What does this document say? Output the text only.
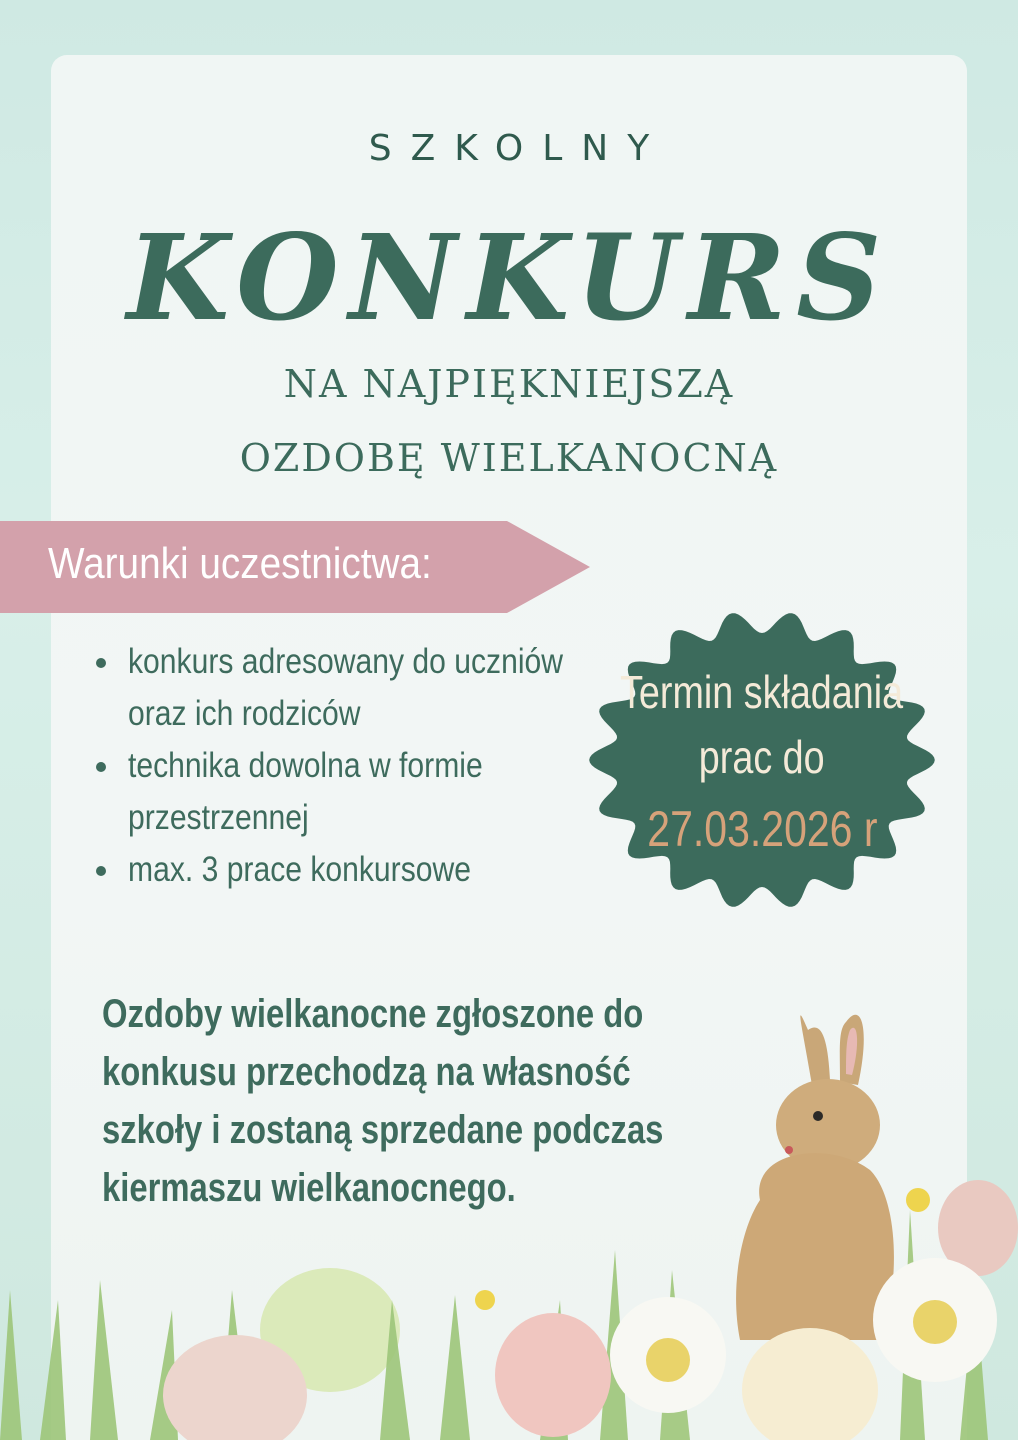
SZKOLNY
KONKURS
NA NAJPIĘKNIEJSZĄ
OZDOBĘ WIELKANOCNĄ
Warunki uczestnictwa:
konkurs adresowany do uczniów oraz ich rodziców
technika dowolna w formie przestrzennej
max. 3 prace konkursowe
Termin składania
prac do
27.03.2026 r
Ozdoby wielkanocne zgłoszone do
konkusu przechodzą na własność
szkoły i zostaną sprzedane podczas
kiermaszu wielkanocnego.
